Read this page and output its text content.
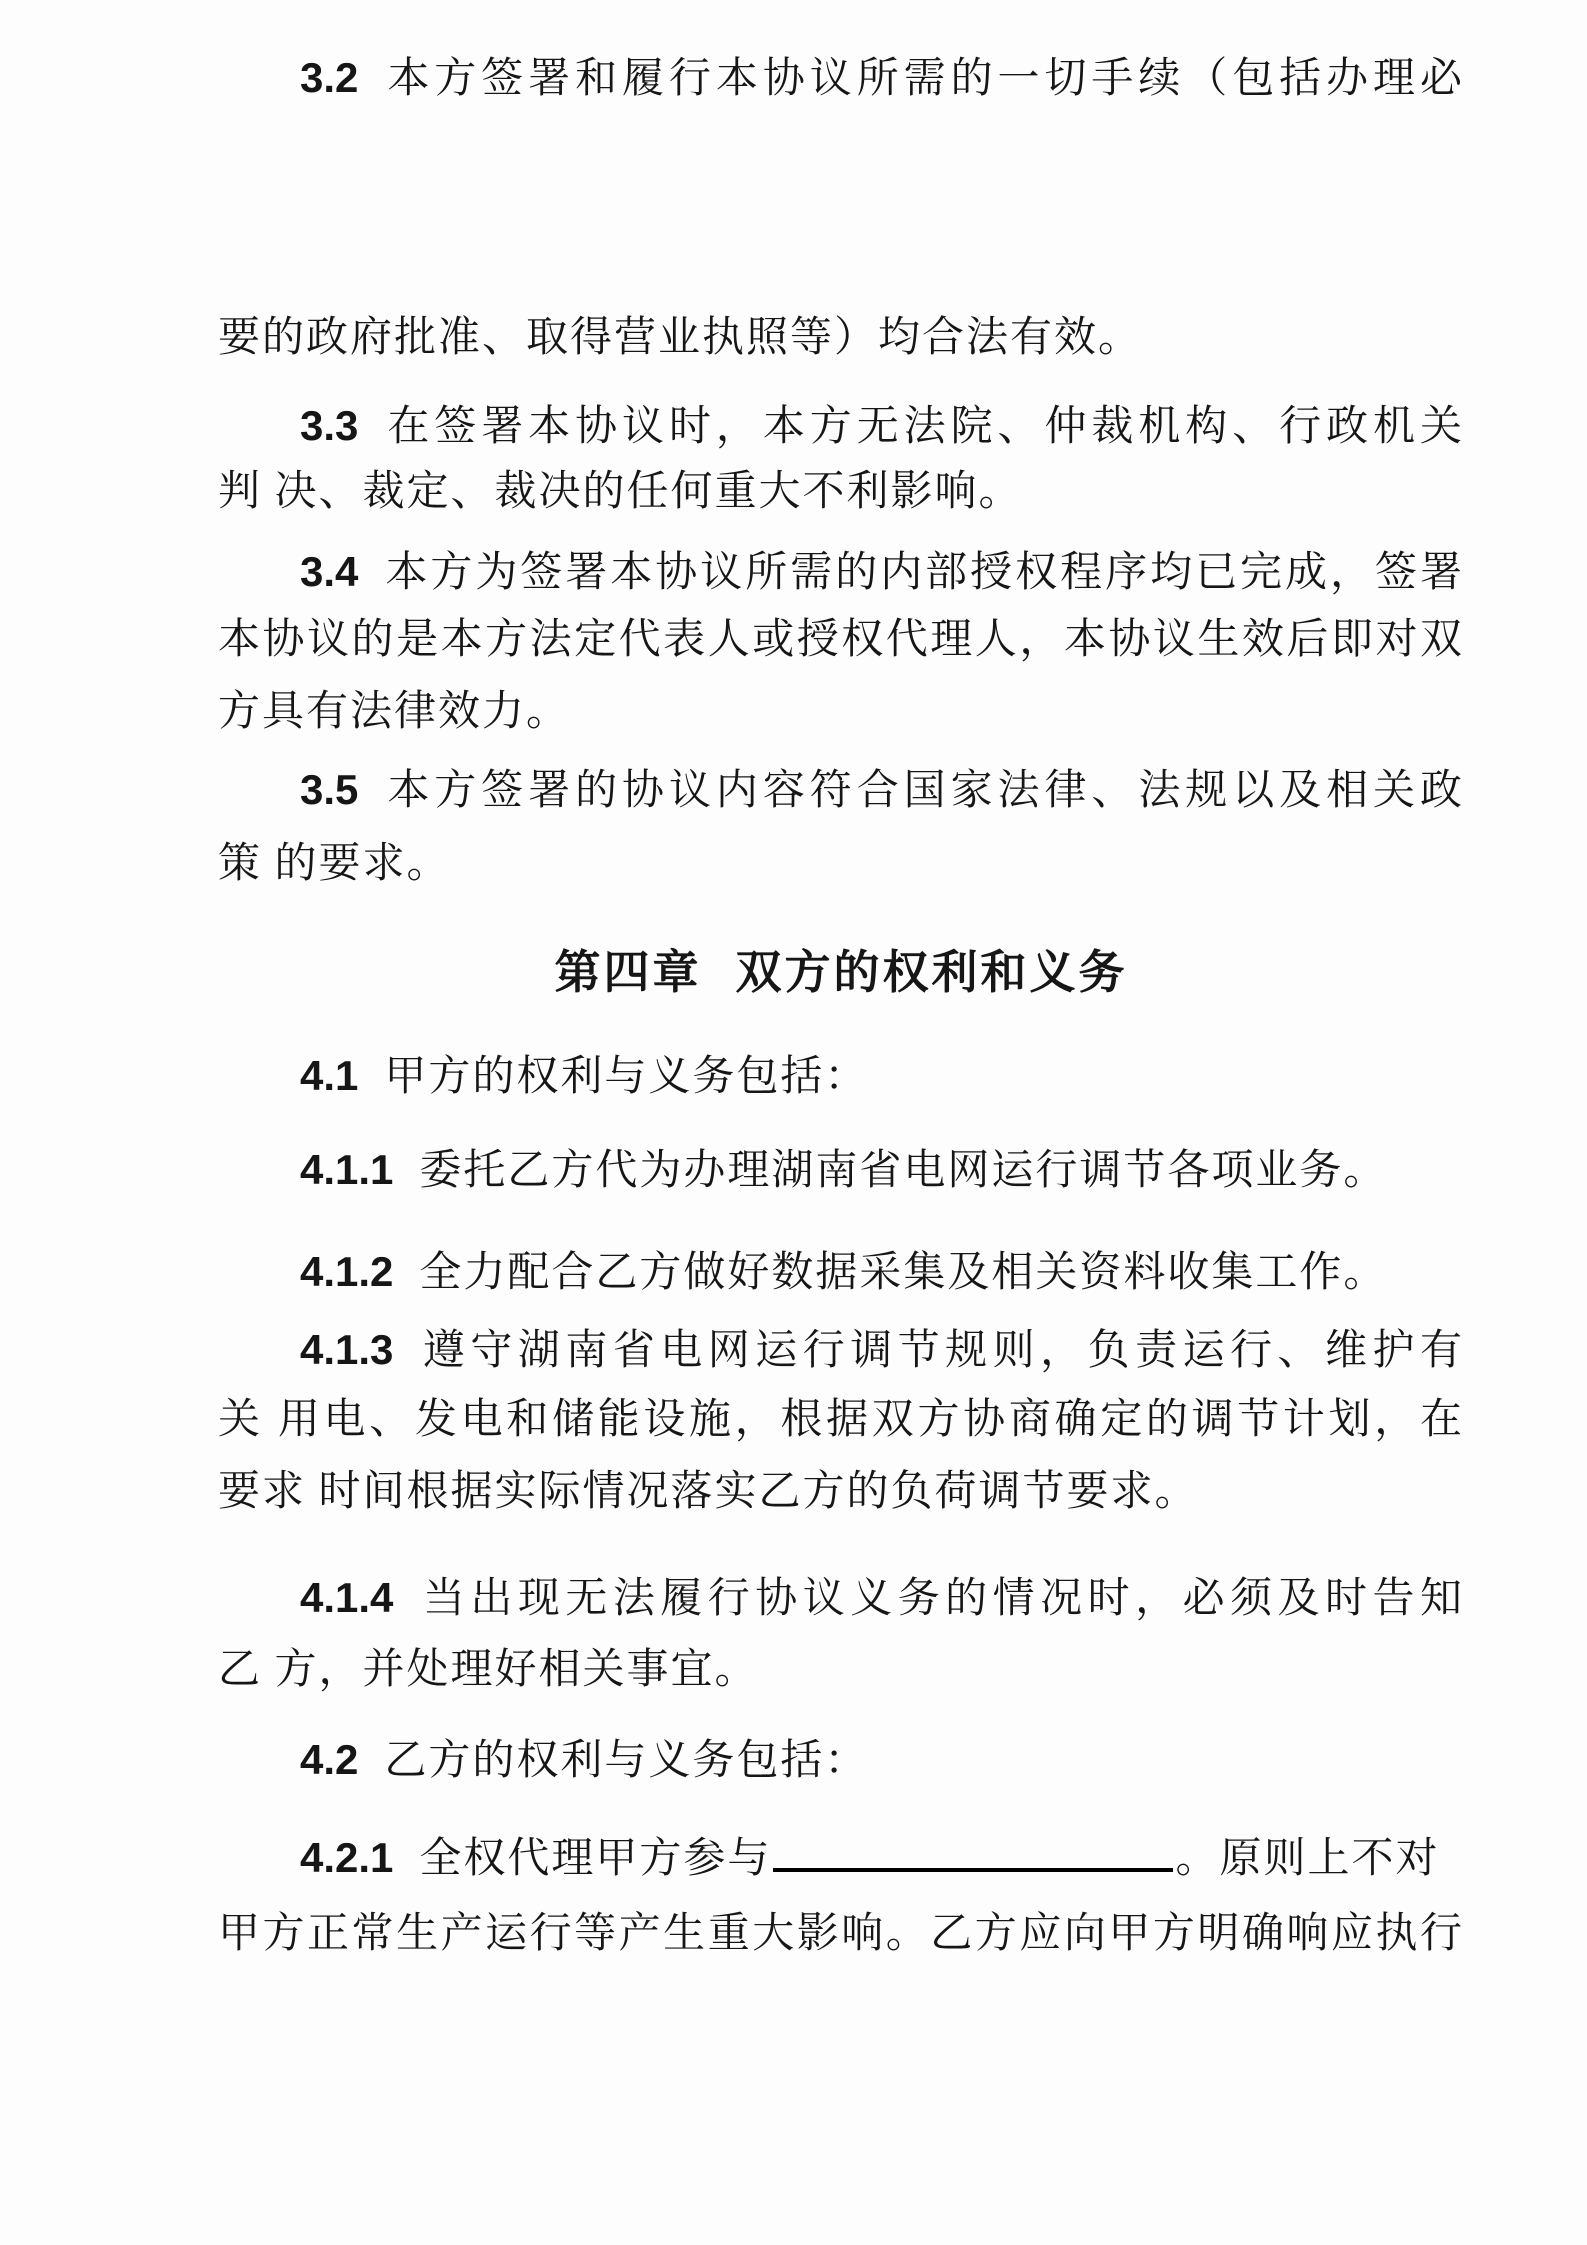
3.2 本方签署和履行本协议所需的一切手续（包括办理必
要的政府批准、取得营业执照等）均合法有效。
3.3 在签署本协议时，本方无法院、仲裁机构、行政机关
判 决、裁定、裁决的任何重大不利影响。
3.4 本方为签署本协议所需的内部授权程序均已完成，签署
本协议的是本方法定代表人或授权代理人，本协议生效后即对双
方具有法律效力。
3.5 本方签署的协议内容符合国家法律、法规以及相关政
策 的要求。
第四章 双方的权利和义务
4.1 甲方的权利与义务包括：
4.1.1 委托乙方代为办理湖南省电网运行调节各项业务。
4.1.2 全力配合乙方做好数据采集及相关资料收集工作。
4.1.3 遵守湖南省电网运行调节规则，负责运行、维护有
关 用电、发电和储能设施，根据双方协商确定的调节计划，在
要求 时间根据实际情况落实乙方的负荷调节要求。
4.1.4 当出现无法履行协议义务的情况时，必须及时告知
乙 方，并处理好相关事宜。
4.2 乙方的权利与义务包括：
4.2.1 全权代理甲方参与	。原则上不对
甲方正常生产运行等产生重大影响。乙方应向甲方明确响应执行
